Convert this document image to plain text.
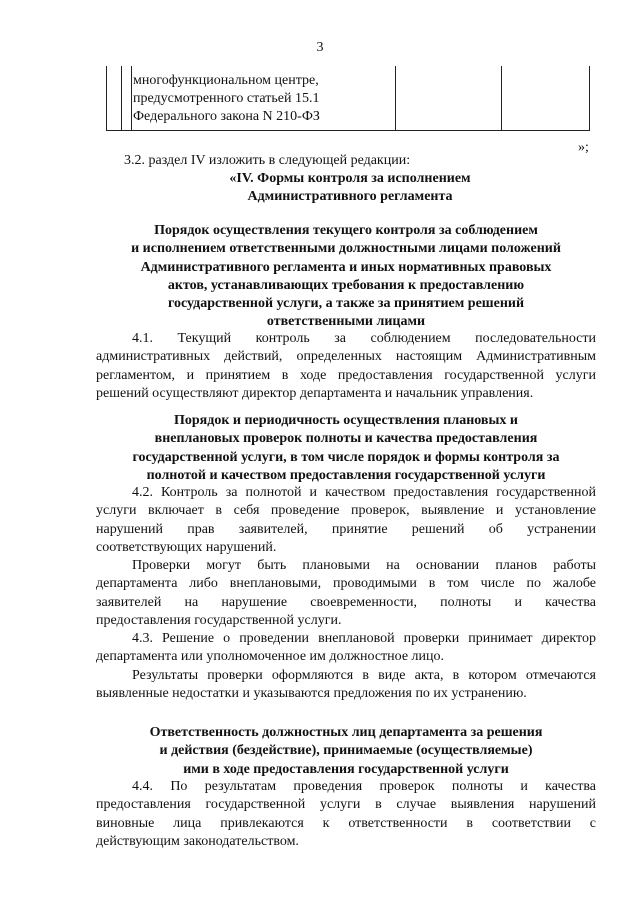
3
многофункциональном центре,
предусмотренного статьей 15.1
Федерального закона N 210-ФЗ
»;
3.2. раздел IV изложить в следующей редакции:
«IV. Формы контроля за исполнением
Административного регламента
Порядок осуществления текущего контроля за соблюдением
и исполнением ответственными должностными лицами положений
Административного регламента и иных нормативных правовых
актов, устанавливающих требования к предоставлению
государственной услуги, а также за принятием решений
ответственными лицами
4.1. Текущий контроль за соблюдением последовательности
административных действий, определенных настоящим Административным
регламентом, и принятием в ходе предоставления государственной услуги
решений осуществляют директор департамента и начальник управления.
Порядок и периодичность осуществления плановых и
внеплановых проверок полноты и качества предоставления
государственной услуги, в том числе порядок и формы контроля за
полнотой и качеством предоставления государственной услуги
4.2. Контроль за полнотой и качеством предоставления государственной
услуги включает в себя проведение проверок, выявление и установление
нарушений прав заявителей, принятие решений об устранении
соответствующих нарушений.
Проверки могут быть плановыми на основании планов работы
департамента либо внеплановыми, проводимыми в том числе по жалобе
заявителей на нарушение своевременности, полноты и качества
предоставления государственной услуги.
4.3. Решение о проведении внеплановой проверки принимает директор
департамента или уполномоченное им должностное лицо.
Результаты проверки оформляются в виде акта, в котором отмечаются
выявленные недостатки и указываются предложения по их устранению.
Ответственность должностных лиц департамента за решения
и действия (бездействие), принимаемые (осуществляемые)
ими в ходе предоставления государственной услуги
4.4. По результатам проведения проверок полноты и качества
предоставления государственной услуги в случае выявления нарушений
виновные лица привлекаются к ответственности в соответствии с
действующим законодательством.
